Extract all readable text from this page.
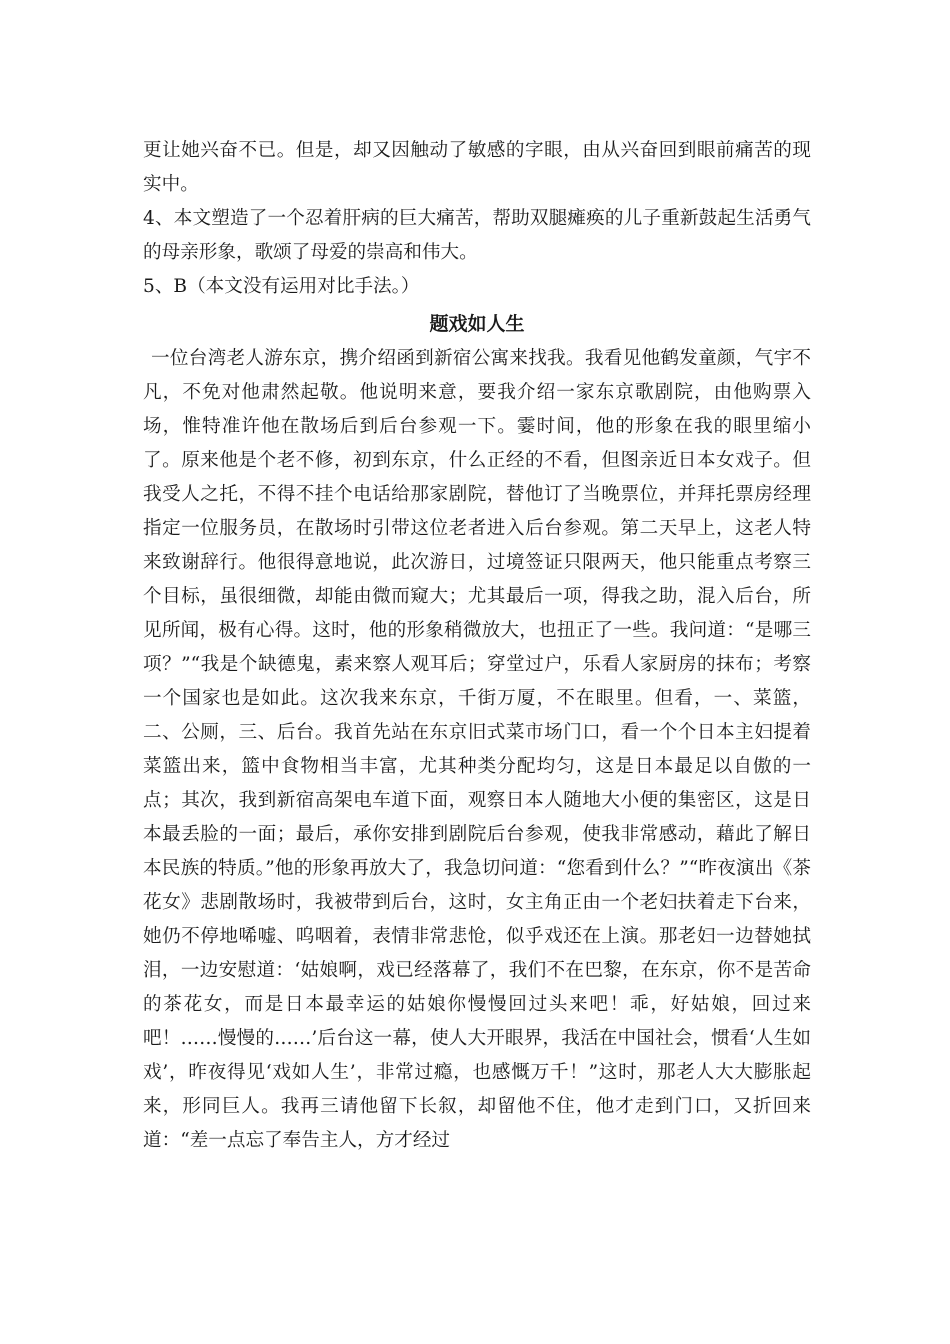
更让她兴奋不已。但是，却又因触动了敏感的字眼，由从兴奋回到眼前痛苦的现实中。

4、本文塑造了一个忍着肝病的巨大痛苦，帮助双腿瘫痪的儿子重新鼓起生活勇气的母亲形象，歌颂了母爱的崇高和伟大。

5、B（本文没有运用对比手法。）

题戏如人生

一位台湾老人游东京，携介绍函到新宿公寓来找我。我看见他鹤发童颜，气宇不凡，不免对他肃然起敬。他说明来意，要我介绍一家东京歌剧院，由他购票入场，惟特准许他在散场后到后台参观一下。霎时间，他的形象在我的眼里缩小了。原来他是个老不修，初到东京，什么正经的不看，但图亲近日本女戏子。但我受人之托，不得不挂个电话给那家剧院，替他订了当晚票位，并拜托票房经理指定一位服务员，在散场时引带这位老者进入后台参观。第二天早上，这老人特来致谢辞行。他很得意地说，此次游日，过境签证只限两天，他只能重点考察三个目标，虽很细微，却能由微而窥大；尤其最后一项，得我之助，混入后台，所见所闻，极有心得。这时，他的形象稍微放大，也扭正了一些。我问道：“是哪三项？”“我是个缺德鬼，素来察人观耳后；穿堂过户，乐看人家厨房的抹布；考察一个国家也是如此。这次我来东京，千街万厦，不在眼里。但看，一、菜篮，二、公厕，三、后台。我首先站在东京旧式菜市场门口，看一个个日本主妇提着菜篮出来，篮中食物相当丰富，尤其种类分配均匀，这是日本最足以自傲的一点；其次，我到新宿高架电车道下面，观察日本人随地大小便的集密区，这是日本最丢脸的一面；最后，承你安排到剧院后台参观，使我非常感动，藉此了解日本民族的特质。”他的形象再放大了，我急切问道：“您看到什么？”“昨夜演出《茶花女》悲剧散场时，我被带到后台，这时，女主角正由一个老妇扶着走下台来，她仍不停地唏嘘、呜咽着，表情非常悲怆，似乎戏还在上演。那老妇一边替她拭泪，一边安慰道：‘姑娘啊，戏已经落幕了，我们不在巴黎，在东京，你不是苦命的茶花女，而是日本最幸运的姑娘你慢慢回过头来吧！乖，好姑娘，回过来吧！……慢慢的……’后台这一幕，使人大开眼界，我活在中国社会，惯看‘人生如戏’，昨夜得见‘戏如人生’，非常过瘾，也感慨万千！”这时，那老人大大膨胀起来，形同巨人。我再三请他留下长叙，却留他不住，他才走到门口，又折回来道：“差一点忘了奉告主人，方才经过
